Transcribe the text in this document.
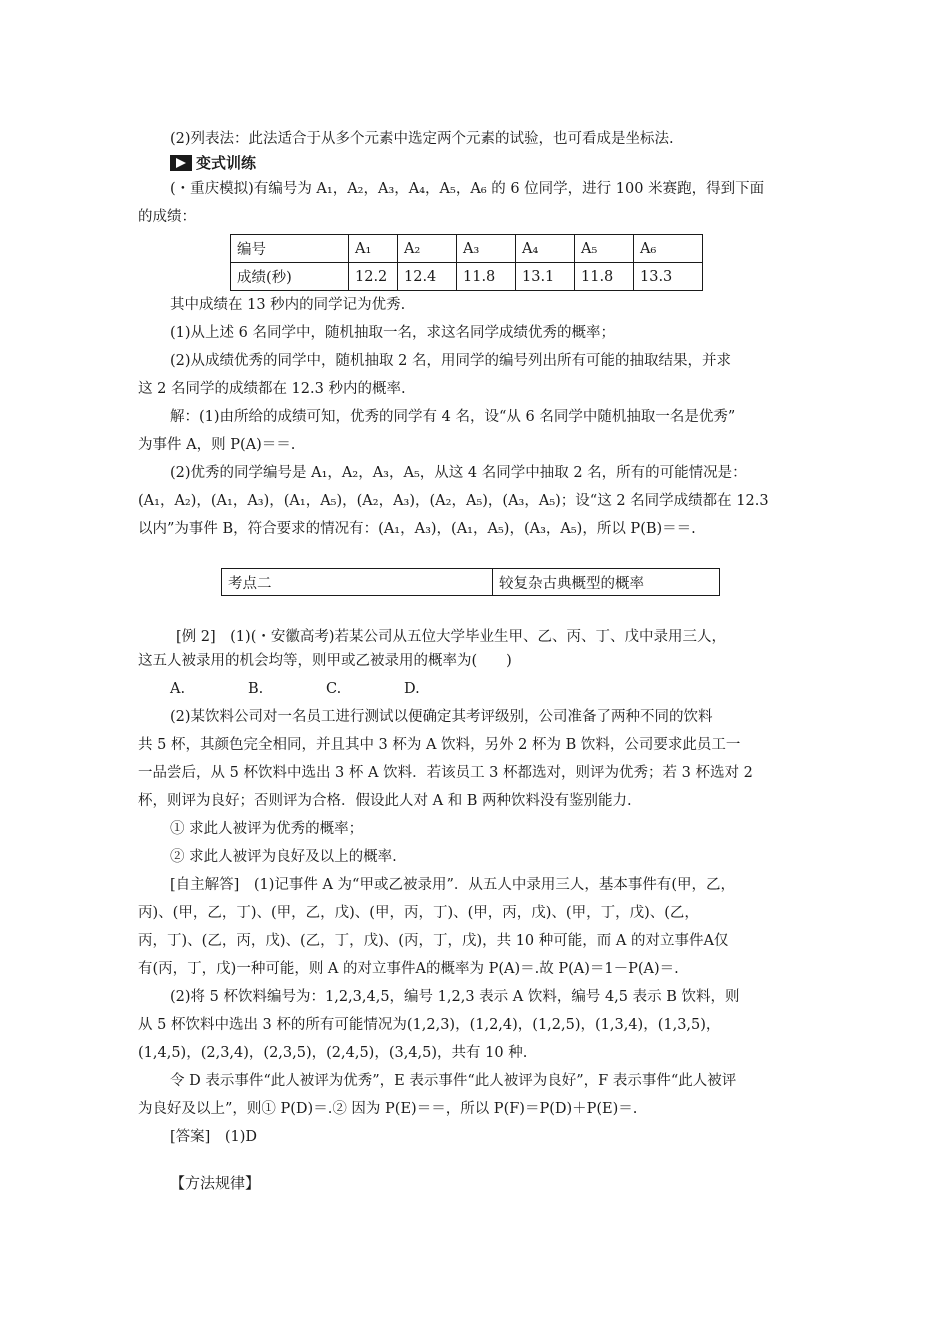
(2)列表法：此法适合于从多个元素中选定两个元素的试验，也可看成是坐标法.
变式训练
(・重庆模拟)有编号为 A₁，A₂，A₃，A₄，A₅，A₆ 的 6 位同学，进行 100 米赛跑，得到下面
的成绩：
编号	A₁	A₂	A₃	A₄	A₅	A₆
成绩(秒)	12.2	12.4	11.8	13.1	11.8	13.3
其中成绩在 13 秒内的同学记为优秀.
(1)从上述 6 名同学中，随机抽取一名，求这名同学成绩优秀的概率；
(2)从成绩优秀的同学中，随机抽取 2 名，用同学的编号列出所有可能的抽取结果，并求
这 2 名同学的成绩都在 12.3 秒内的概率.
解：(1)由所给的成绩可知，优秀的同学有 4 名，设“从 6 名同学中随机抽取一名是优秀”
为事件 A，则 P(A)＝＝.
(2)优秀的同学编号是 A₁，A₂，A₃，A₅，从这 4 名同学中抽取 2 名，所有的可能情况是：
(A₁，A₂)，(A₁，A₃)，(A₁，A₅)，(A₂，A₃)，(A₂，A₅)，(A₃，A₅)；设“这 2 名同学成绩都在 12.3
以内”为事件 B，符合要求的情况有：(A₁，A₃)，(A₁，A₅)，(A₃，A₅)，所以 P(B)＝＝.
考点二	较复杂古典概型的概率
[例 2]　(1)(・安徽高考)若某公司从五位大学毕业生甲、乙、丙、丁、戊中录用三人，
这五人被录用的机会均等，则甲或乙被录用的概率为(　　)
A.	B.	C.	D.
(2)某饮料公司对一名员工进行测试以便确定其考评级别，公司准备了两种不同的饮料
共 5 杯，其颜色完全相同，并且其中 3 杯为 A 饮料，另外 2 杯为 B 饮料，公司要求此员工一
一品尝后，从 5 杯饮料中选出 3 杯 A 饮料．若该员工 3 杯都选对，则评为优秀；若 3 杯选对 2
杯，则评为良好；否则评为合格．假设此人对 A 和 B 两种饮料没有鉴别能力.
① 求此人被评为优秀的概率；
② 求此人被评为良好及以上的概率.
[自主解答]　(1)记事件 A 为“甲或乙被录用”．从五人中录用三人，基本事件有(甲，乙，
丙)、(甲，乙，丁)、(甲，乙，戊)、(甲，丙，丁)、(甲，丙，戊)、(甲，丁，戊)、(乙，
丙，丁)、(乙，丙，戊)、(乙，丁，戊)、(丙，丁，戊)，共 10 种可能，而 A 的对立事件A仅
有(丙，丁，戊)一种可能，则 A 的对立事件A的概率为 P(A)＝.故 P(A)＝1－P(A)＝.
(2)将 5 杯饮料编号为：1,2,3,4,5，编号 1,2,3 表示 A 饮料，编号 4,5 表示 B 饮料，则
从 5 杯饮料中选出 3 杯的所有可能情况为(1,2,3)，(1,2,4)，(1,2,5)，(1,3,4)，(1,3,5)，
(1,4,5)，(2,3,4)，(2,3,5)，(2,4,5)，(3,4,5)，共有 10 种.
令 D 表示事件“此人被评为优秀”，E 表示事件“此人被评为良好”，F 表示事件“此人被评
为良好及以上”，则① P(D)＝.② 因为 P(E)＝＝，所以 P(F)＝P(D)＋P(E)＝.
[答案]　(1)D
【方法规律】
